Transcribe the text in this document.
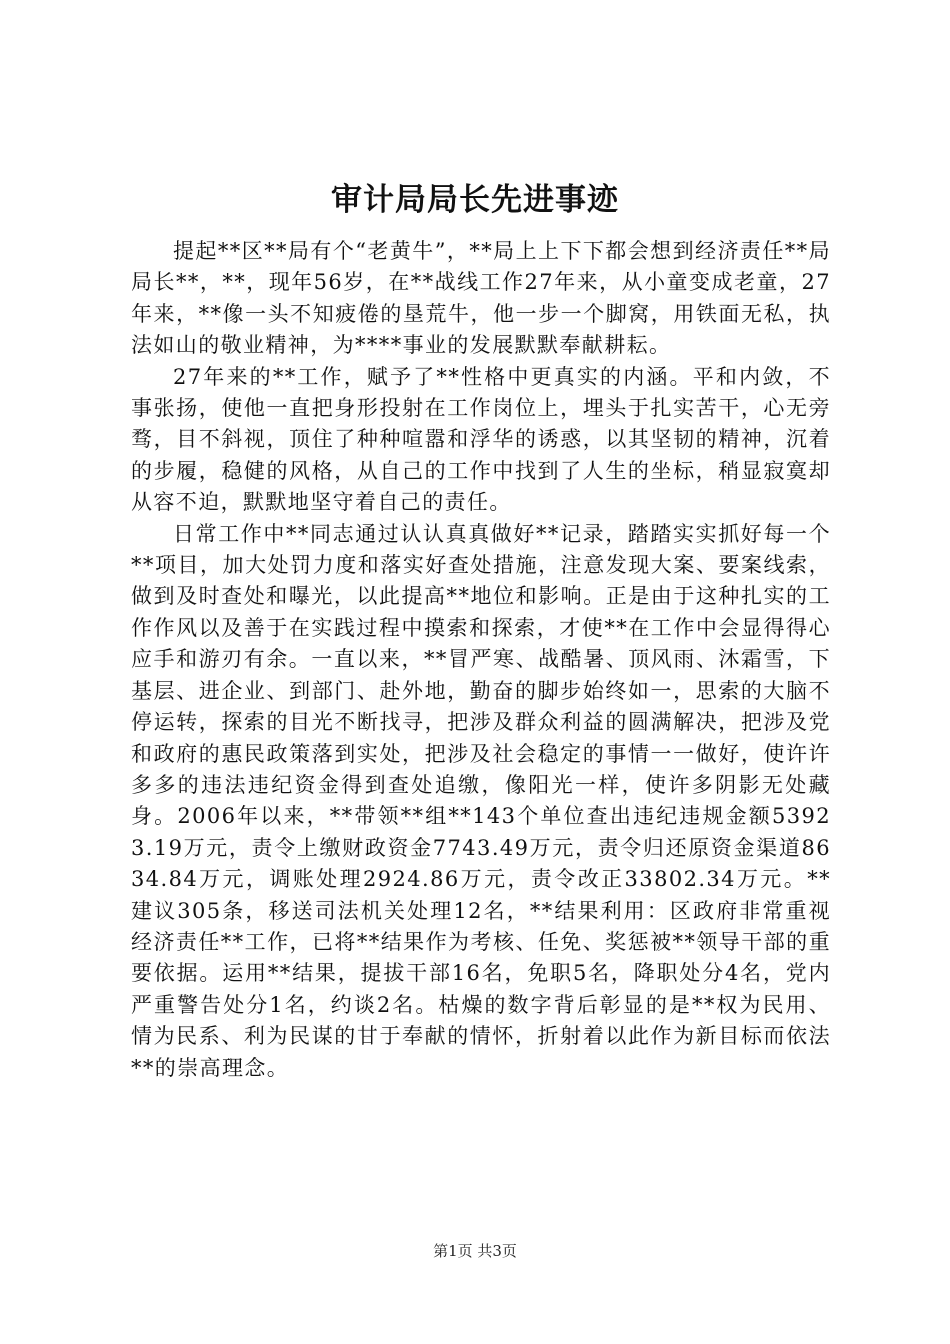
审计局局长先进事迹

提起**区**局有个“老黄牛”，**局上上下下都会想到经济责任**局局长**，**，现年56岁，在**战线工作27年来，从小童变成老童，27年来，**像一头不知疲倦的垦荒牛，他一步一个脚窝，用铁面无私，执法如山的敬业精神，为****事业的发展默默奉献耕耘。

27年来的**工作，赋予了**性格中更真实的内涵。平和内敛，不事张扬，使他一直把身形投射在工作岗位上，埋头于扎实苦干，心无旁骛，目不斜视，顶住了种种喧嚣和浮华的诱惑，以其坚韧的精神，沉着的步履，稳健的风格，从自己的工作中找到了人生的坐标，稍显寂寞却从容不迫，默默地坚守着自己的责任。

日常工作中**同志通过认认真真做好**记录，踏踏实实抓好每一个**项目，加大处罚力度和落实好查处措施，注意发现大案、要案线索，做到及时查处和曝光，以此提高**地位和影响。正是由于这种扎实的工作作风以及善于在实践过程中摸索和探索，才使**在工作中会显得得心应手和游刃有余。一直以来，**冒严寒、战酷暑、顶风雨、沐霜雪，下基层、进企业、到部门、赴外地，勤奋的脚步始终如一，思索的大脑不停运转，探索的目光不断找寻，把涉及群众利益的圆满解决，把涉及党和政府的惠民政策落到实处，把涉及社会稳定的事情一一做好，使许许多多的违法违纪资金得到查处追缴，像阳光一样，使许多阴影无处藏身。2006年以来，**带领**组**143个单位查出违纪违规金额53923.19万元，责令上缴财政资金7743.49万元，责令归还原资金渠道8634.84万元，调账处理2924.86万元，责令改正33802.34万元。**建议305条，移送司法机关处理12名，**结果利用：区政府非常重视经济责任**工作，已将**结果作为考核、任免、奖惩被**领导干部的重要依据。运用**结果，提拔干部16名，免职5名，降职处分4名，党内严重警告处分1名，约谈2名。枯燥的数字背后彰显的是**权为民用、情为民系、利为民谋的甘于奉献的情怀，折射着以此作为新目标而依法**的崇高理念。

第1页 共3页
